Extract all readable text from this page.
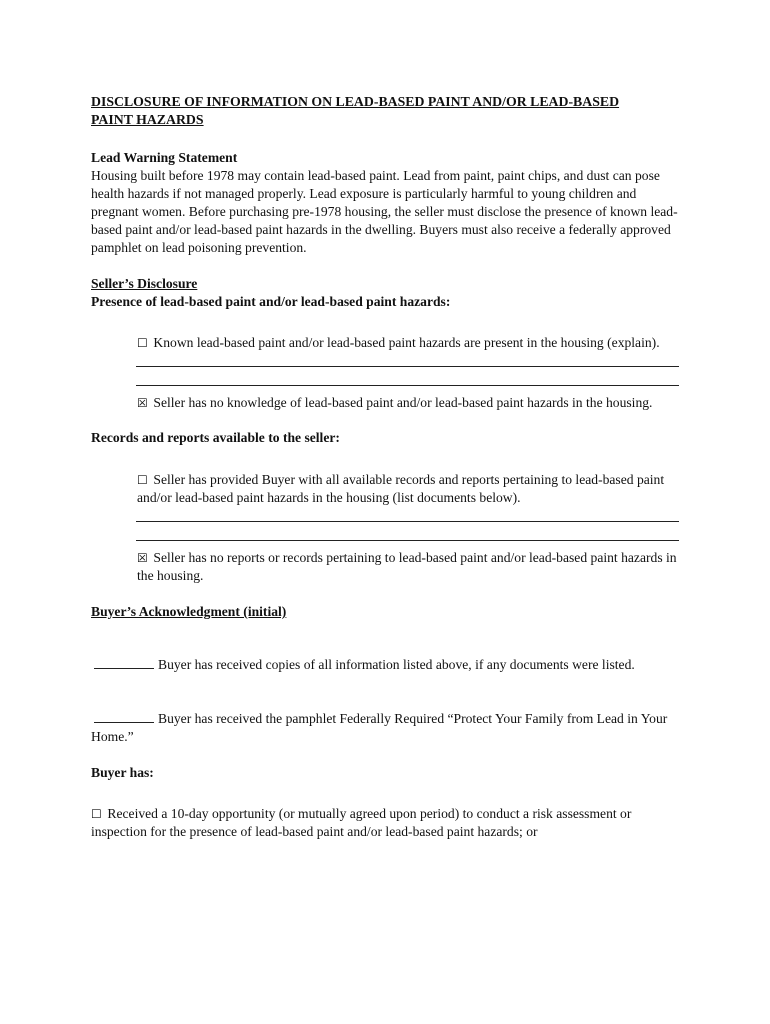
DISCLOSURE OF INFORMATION ON LEAD-BASED PAINT AND/OR LEAD-BASED
PAINT HAZARDS

Lead Warning Statement

Housing built before 1978 may contain lead-based paint. Lead from paint, paint chips, and dust can pose health hazards if not managed properly. Lead exposure is particularly harmful to young children and pregnant women. Before purchasing pre-1978 housing, the seller must disclose the presence of known lead-based paint and/or lead-based paint hazards in the dwelling. Buyers must also receive a federally approved pamphlet on lead poisoning prevention.

Seller’s Disclosure

Presence of lead-based paint and/or lead-based paint hazards:

☐ Known lead-based paint and/or lead-based paint hazards are present in the housing (explain).

☒ Seller has no knowledge of lead-based paint and/or lead-based paint hazards in the housing.

Records and reports available to the seller:

☐ Seller has provided Buyer with all available records and reports pertaining to lead-based paint and/or lead-based paint hazards in the housing (list documents below).

☒ Seller has no reports or records pertaining to lead-based paint and/or lead-based paint hazards in the housing.

Buyer’s Acknowledgment (initial)

Buyer has received copies of all information listed above, if any documents were listed.

Buyer has received the pamphlet Federally Required “Protect Your Family from Lead in Your Home.”

Buyer has:

☐ Received a 10-day opportunity (or mutually agreed upon period) to conduct a risk assessment or inspection for the presence of lead-based paint and/or lead-based paint hazards; or
